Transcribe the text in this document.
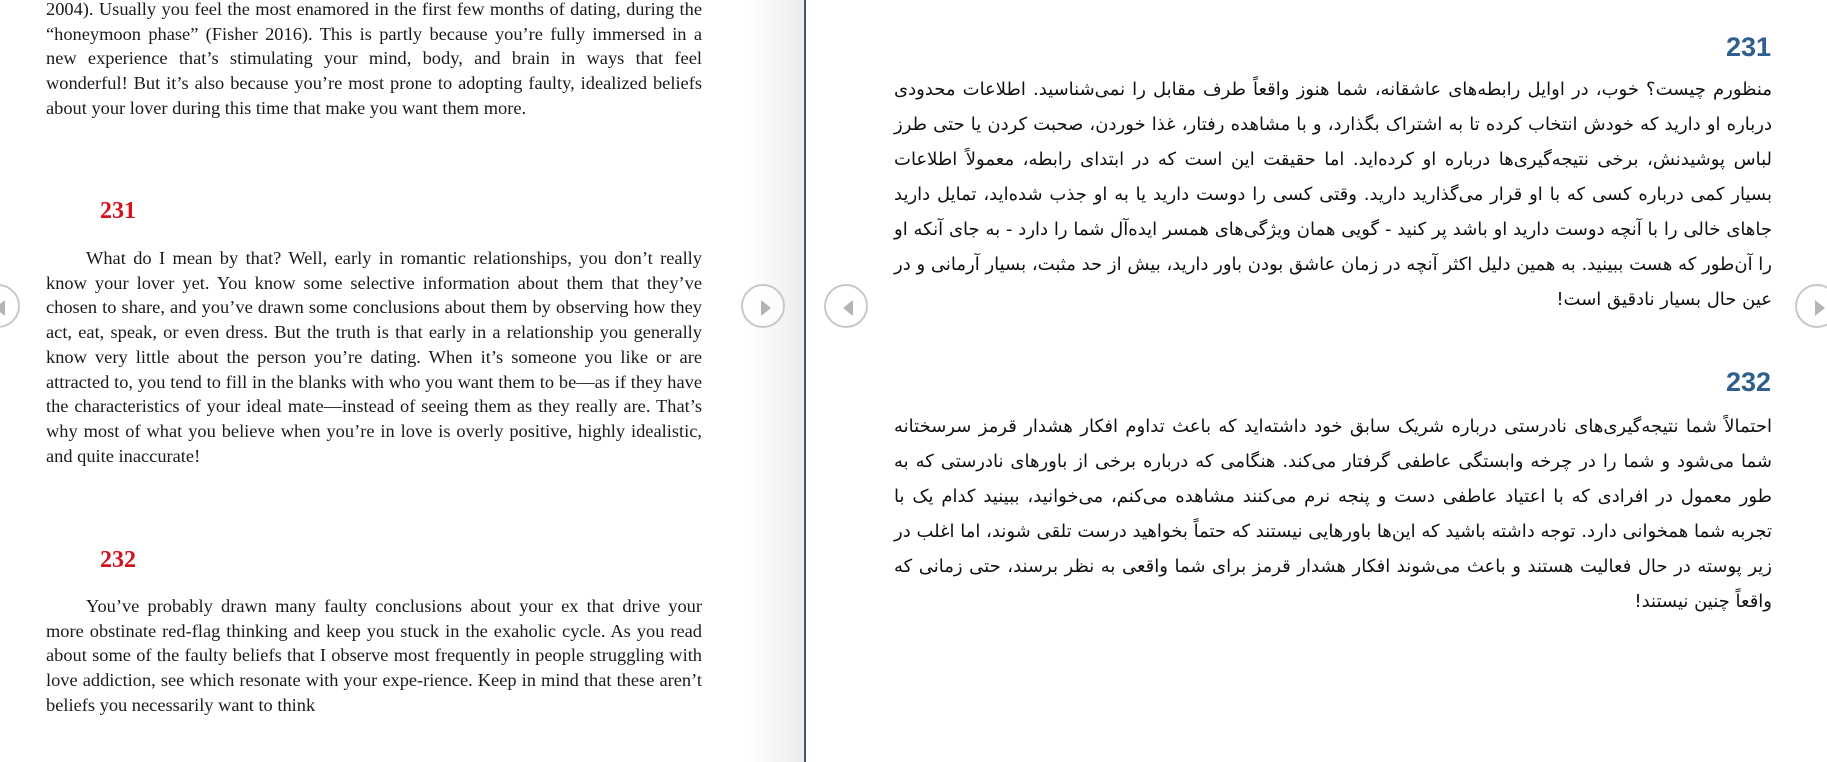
2004). Usually you feel the most enamored in the first few months of dating, during the “honeymoon phase” (Fisher 2016). This is partly because you’re fully immersed in a new experience that’s stimulating your mind, body, and brain in ways that feel wonderful! But it’s also because you’re most prone to adopting faulty, idealized beliefs about your lover during this time that make you want them more.

231

What do I mean by that? Well, early in romantic relationships, you don’t really know your lover yet. You know some selective information about them that they’ve chosen to share, and you’ve drawn some conclusions about them by observing how they act, eat, speak, or even dress. But the truth is that early in a relationship you generally know very little about the person you’re dating. When it’s someone you like or are attracted to, you tend to fill in the blanks with who you want them to be—as if they have the characteristics of your ideal mate—instead of seeing them as they really are. That’s why most of what you believe when you’re in love is overly positive, highly idealistic, and quite inaccurate!

232

You’ve probably drawn many faulty conclusions about your ex that drive your more obstinate red-flag thinking and keep you stuck in the exaholic cycle. As you read about some of the faulty beliefs that I observe most frequently in people struggling with love addiction, see which resonate with your expe-rience. Keep in mind that these aren’t beliefs you necessarily want to think

231

منظورم چیست؟ خوب، در اوایل رابطه‌های عاشقانه، شما هنوز واقعاً طرف مقابل را نمی‌شناسید. اطلاعات محدودی درباره او دارید که خودش انتخاب کرده تا به اشتراک بگذارد، و با مشاهده رفتار، غذا خوردن، صحبت کردن یا حتی طرز لباس پوشیدنش، برخی نتیجه‌گیری‌ها درباره او کرده‌اید. اما حقیقت این است که در ابتدای رابطه، معمولاً اطلاعات بسیار کمی درباره کسی که با او قرار می‌گذارید دارید. وقتی کسی را دوست دارید یا به او جذب شده‌اید، تمایل دارید جاهای خالی را با آنچه دوست دارید او باشد پر کنید - گویی همان ویژگی‌های همسر ایده‌آل شما را دارد - به جای آنکه او را آن‌طور که هست ببینید. به همین دلیل اکثر آنچه در زمان عاشق بودن باور دارید، بیش از حد مثبت، بسیار آرمانی و در عین حال بسیار نادقیق است!

232

احتمالاً شما نتیجه‌گیری‌های نادرستی درباره شریک سابق خود داشته‌اید که باعث تداوم افکار هشدار قرمز سرسختانه شما می‌شود و شما را در چرخه وابستگی عاطفی گرفتار می‌کند. هنگامی که درباره برخی از باورهای نادرستی که به طور معمول در افرادی که با اعتیاد عاطفی دست و پنجه نرم می‌کنند مشاهده می‌کنم، می‌خوانید، ببینید کدام یک با تجربه شما همخوانی دارد. توجه داشته باشید که این‌ها باورهایی نیستند که حتماً بخواهید درست تلقی شوند، اما اغلب در زیر پوسته در حال فعالیت هستند و باعث می‌شوند افکار هشدار قرمز برای شما واقعی به نظر برسند، حتی زمانی که واقعاً چنین نیستند!
